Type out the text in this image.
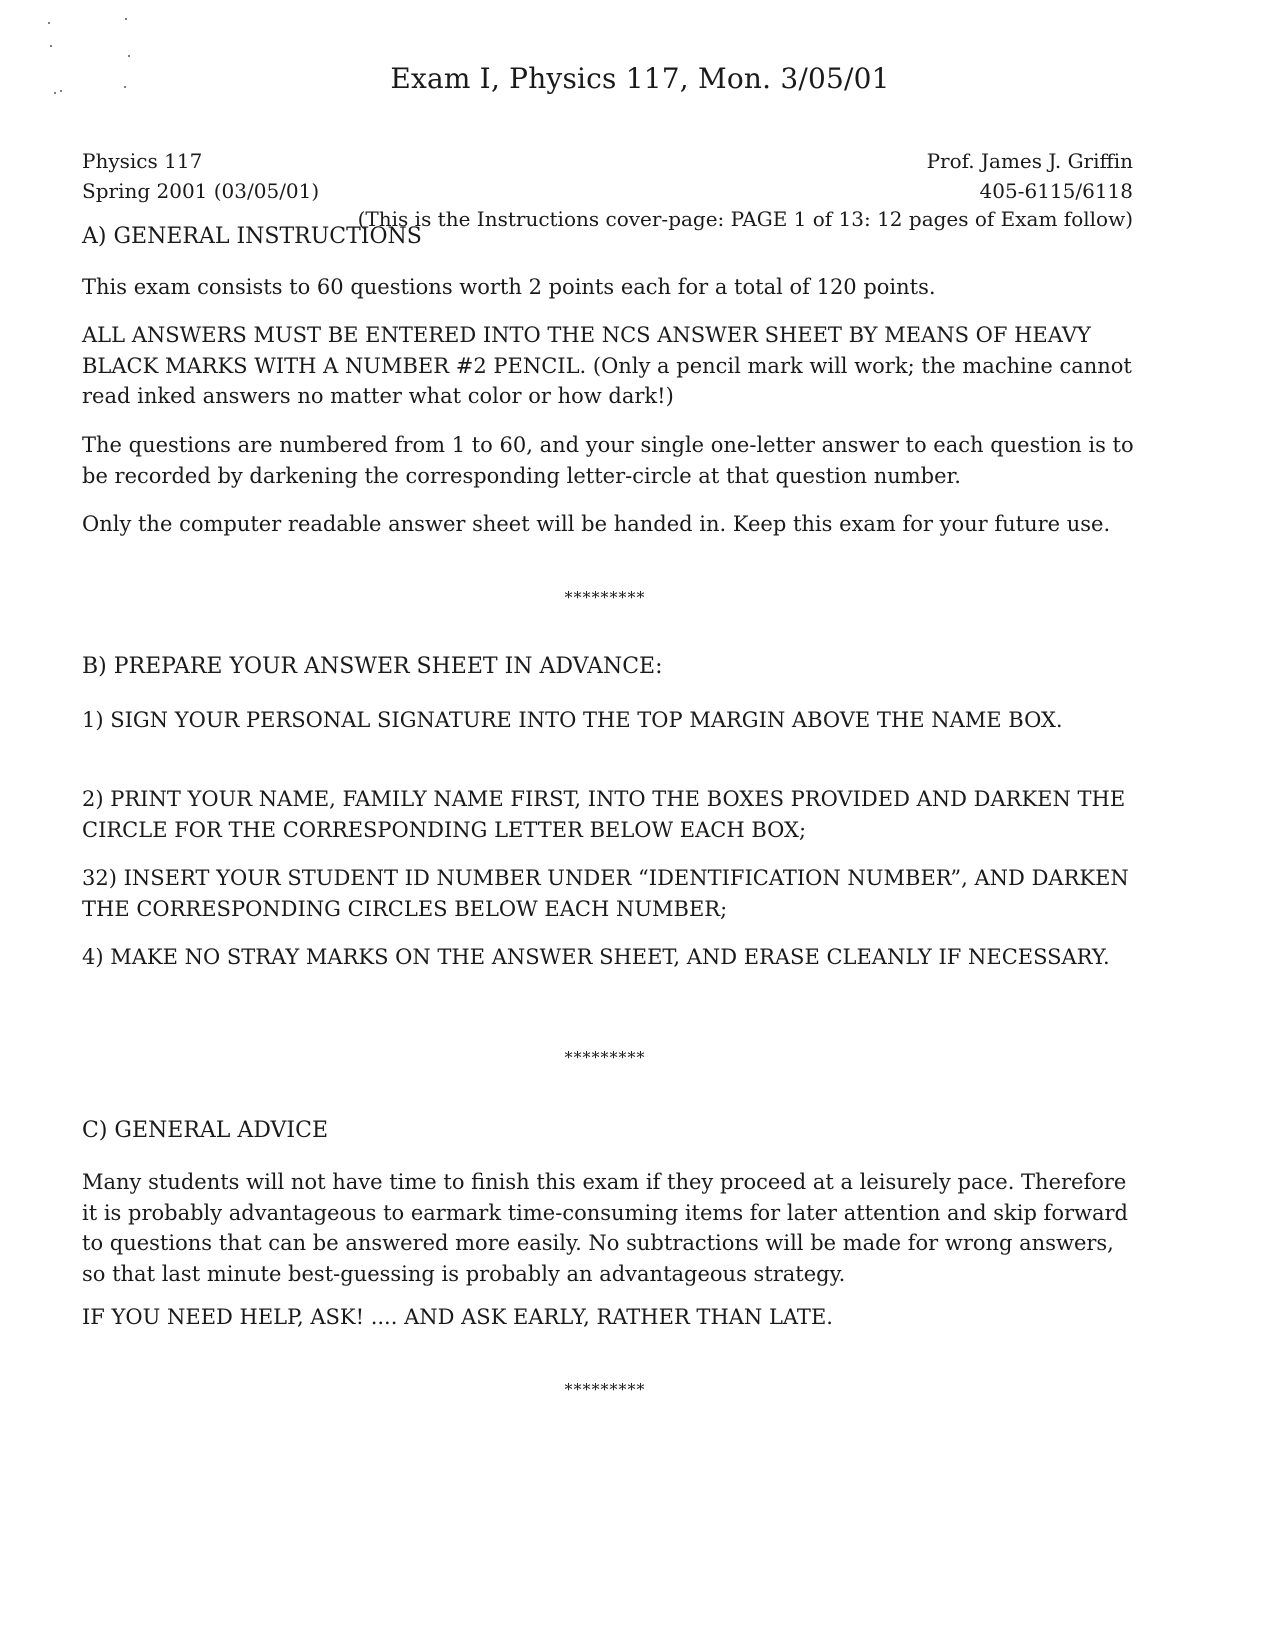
Exam I, Physics 117, Mon. 3/05/01
Physics 117
Spring 2001 (03/05/01)
Prof. James J. Griffin
405-6115/6118
(This is the Instructions cover-page: PAGE 1 of 13: 12 pages of Exam follow)
A) GENERAL INSTRUCTIONS
This exam consists to 60 questions worth 2 points each for a total of 120 points.
ALL ANSWERS MUST BE ENTERED INTO THE NCS ANSWER SHEET BY MEANS OF HEAVY BLACK MARKS WITH A NUMBER #2 PENCIL. (Only a pencil mark will work; the machine cannot read inked answers no matter what color or how dark!)
The questions are numbered from 1 to 60, and your single one-letter answer to each question is to be recorded by darkening the corresponding letter-circle at that question number.
Only the computer readable answer sheet will be handed in. Keep this exam for your future use.
*********
B) PREPARE YOUR ANSWER SHEET IN ADVANCE:
1) SIGN YOUR PERSONAL SIGNATURE INTO THE TOP MARGIN ABOVE THE NAME BOX.
2) PRINT YOUR NAME, FAMILY NAME FIRST, INTO THE BOXES PROVIDED AND DARKEN THE CIRCLE FOR THE CORRESPONDING LETTER BELOW EACH BOX;
32) INSERT YOUR STUDENT ID NUMBER UNDER “IDENTIFICATION NUMBER”, AND DARKEN THE CORRESPONDING CIRCLES BELOW EACH NUMBER;
4) MAKE NO STRAY MARKS ON THE ANSWER SHEET, AND ERASE CLEANLY IF NECESSARY.
*********
C) GENERAL ADVICE
Many students will not have time to finish this exam if they proceed at a leisurely pace. Therefore it is probably advantageous to earmark time-consuming items for later attention and skip forward to questions that can be answered more easily. No subtractions will be made for wrong answers, so that last minute best-guessing is probably an advantageous strategy.
IF YOU NEED HELP, ASK! .... AND ASK EARLY, RATHER THAN LATE.
*********
